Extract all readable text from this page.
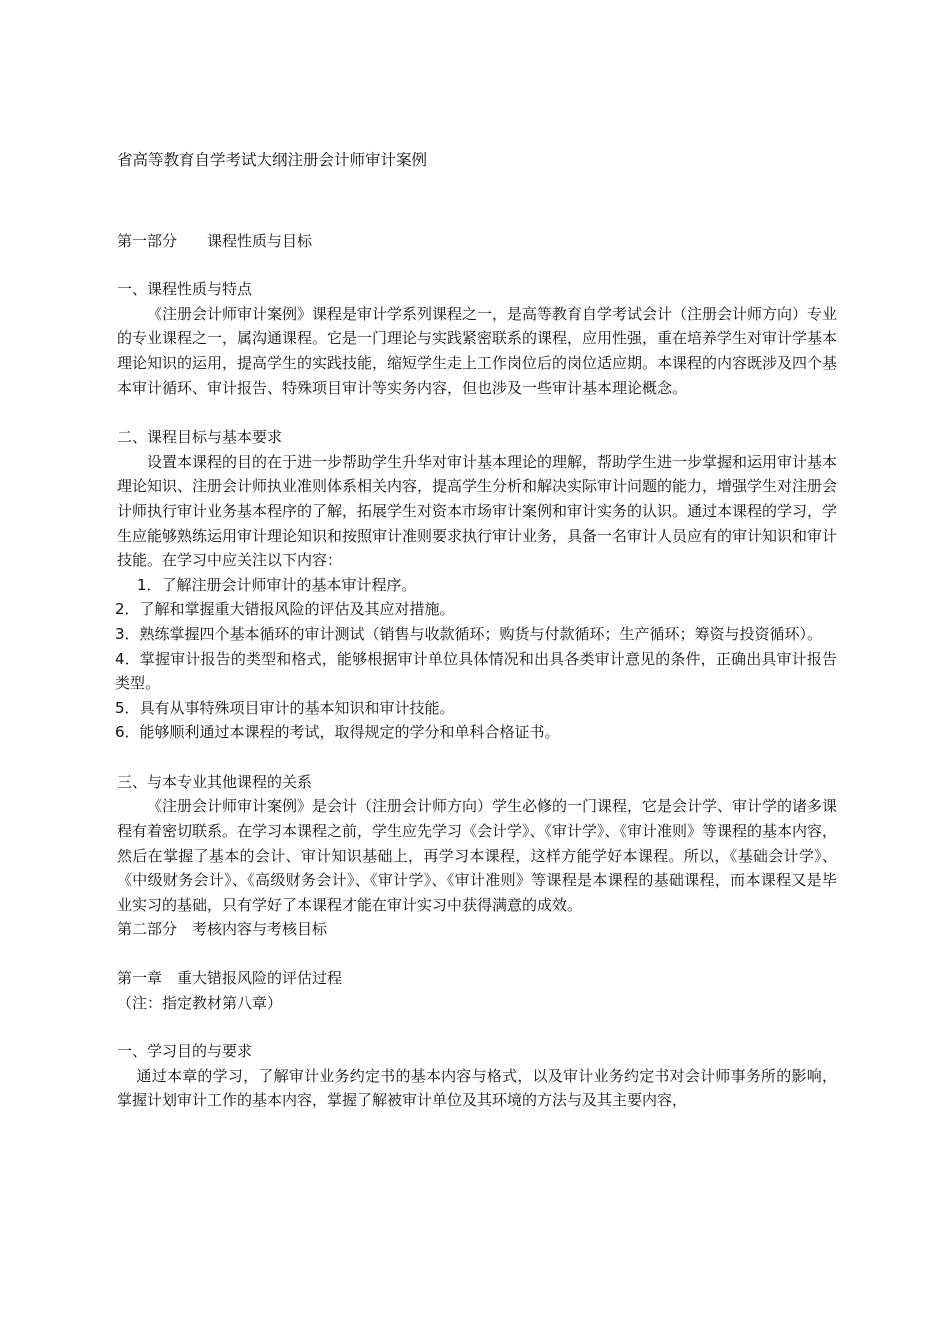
省高等教育自学考试大纲注册会计师审计案例
第一部分　　课程性质与目标
一、课程性质与特点
《注册会计师审计案例》课程是审计学系列课程之一，是高等教育自学考试会计（注册会计师方向）专业的专业课程之一，属沟通课程。它是一门理论与实践紧密联系的课程，应用性强，重在培养学生对审计学基本理论知识的运用，提高学生的实践技能，缩短学生走上工作岗位后的岗位适应期。本课程的内容既涉及四个基本审计循环、审计报告、特殊项目审计等实务内容，但也涉及一些审计基本理论概念。
二、课程目标与基本要求
设置本课程的目的在于进一步帮助学生升华对审计基本理论的理解，帮助学生进一步掌握和运用审计基本理论知识、注册会计师执业准则体系相关内容，提高学生分析和解决实际审计问题的能力，增强学生对注册会计师执行审计业务基本程序的了解，拓展学生对资本市场审计案例和审计实务的认识。通过本课程的学习，学生应能够熟练运用审计理论知识和按照审计准则要求执行审计业务，具备一名审计人员应有的审计知识和审计技能。在学习中应关注以下内容：
1．了解注册会计师审计的基本审计程序。
2．了解和掌握重大错报风险的评估及其应对措施。
3．熟练掌握四个基本循环的审计测试（销售与收款循环；购货与付款循环；生产循环；筹资与投资循环）。
4．掌握审计报告的类型和格式，能够根据审计单位具体情况和出具各类审计意见的条件，正确出具审计报告类型。
5．具有从事特殊项目审计的基本知识和审计技能。
6．能够顺利通过本课程的考试，取得规定的学分和单科合格证书。
三、与本专业其他课程的关系
《注册会计师审计案例》是会计（注册会计师方向）学生必修的一门课程，它是会计学、审计学的诸多课程有着密切联系。在学习本课程之前，学生应先学习《会计学》、《审计学》、《审计准则》等课程的基本内容，然后在掌握了基本的会计、审计知识基础上，再学习本课程，这样方能学好本课程。所以，《基础会计学》、《中级财务会计》、《高级财务会计》、《审计学》、《审计准则》等课程是本课程的基础课程，而本课程又是毕业实习的基础，只有学好了本课程才能在审计实习中获得满意的成效。
第二部分　考核内容与考核目标
第一章　重大错报风险的评估过程
（注：指定教材第八章）
一、学习目的与要求
通过本章的学习，了解审计业务约定书的基本内容与格式，以及审计业务约定书对会计师事务所的影响，掌握计划审计工作的基本内容，掌握了解被审计单位及其环境的方法与及其主要内容，
